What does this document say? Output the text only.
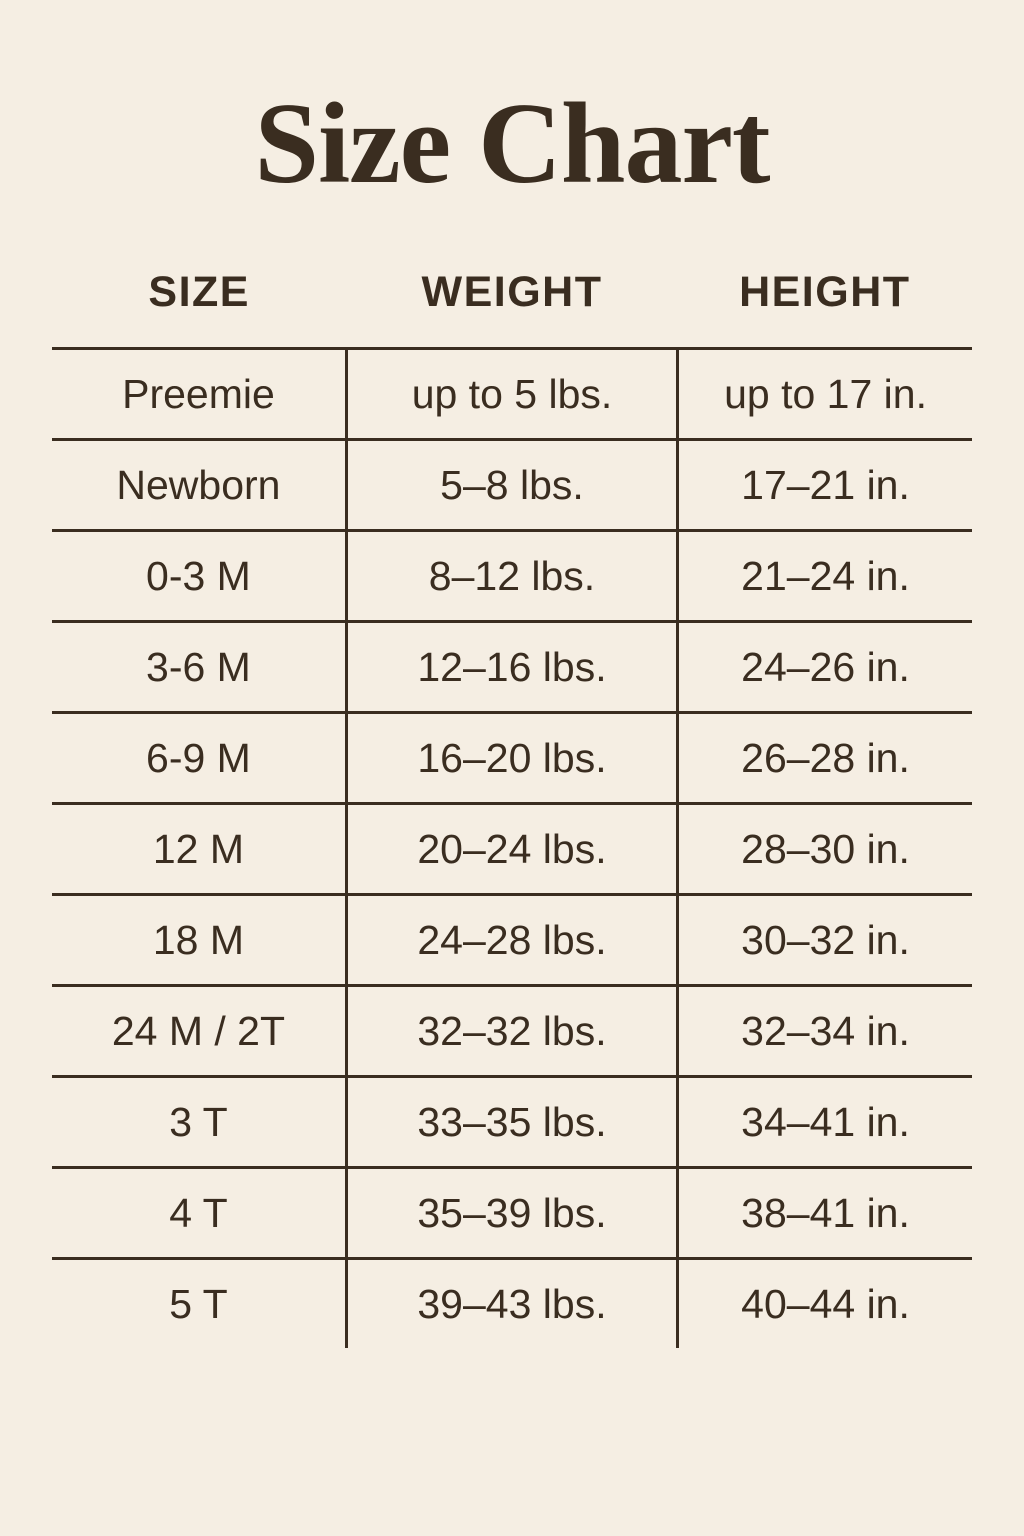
Size Chart
SIZE	WEIGHT	HEIGHT
Preemie	up to 5 lbs.	up to 17 in.
Newborn	5–8 lbs.	17–21 in.
0-3 M	8–12 lbs.	21–24 in.
3-6 M	12–16 lbs.	24–26 in.
6-9 M	16–20 lbs.	26–28 in.
12 M	20–24 lbs.	28–30 in.
18 M	24–28 lbs.	30–32 in.
24 M / 2T	32–32 lbs.	32–34 in.
3 T	33–35 lbs.	34–41 in.
4 T	35–39 lbs.	38–41 in.
5 T	39–43 lbs.	40–44 in.
